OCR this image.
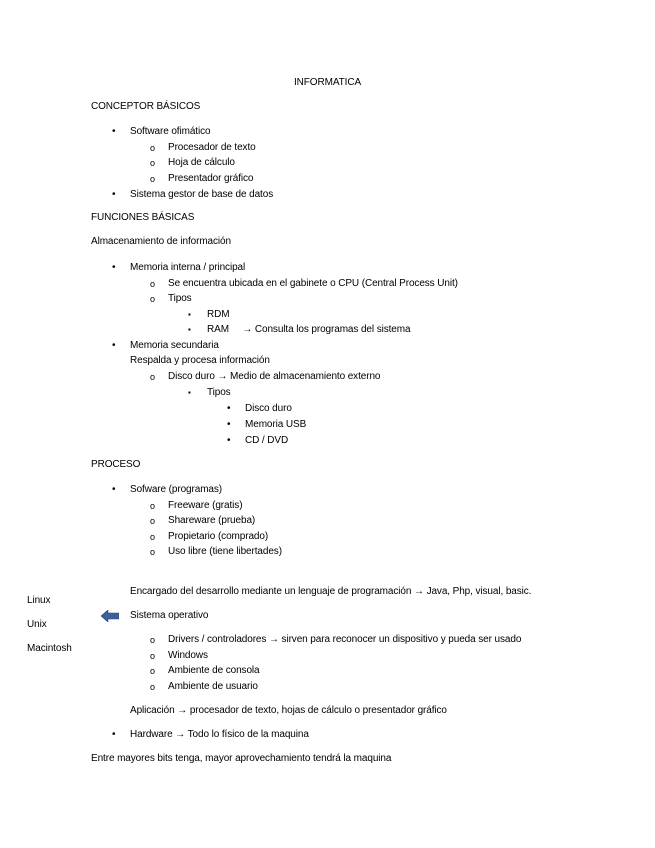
INFORMATICA
CONCEPTOR BÁSICOS
• Software ofimático
o Procesador de texto
o Hoja de cálculo
o Presentador gráfico
• Sistema gestor de base de datos
FUNCIONES BÁSICAS
Almacenamiento de información
• Memoria interna / principal
o Se encuentra ubicada en el gabinete o CPU (Central Process Unit)
o Tipos
▪ RDM
▪ RAM     → Consulta los programas del sistema
• Memoria secundaria
Respalda y procesa información
o Disco duro → Medio de almacenamiento externo
▪ Tipos
• Disco duro
• Memoria USB
• CD / DVD
PROCESO
• Sofware (programas)
o Freeware (gratis)
o Shareware (prueba)
o Propietario (comprado)
o Uso libre (tiene libertades)
Encargado del desarrollo mediante un lenguaje de programación → Java, Php, visual, basic.
Linux
Unix
Macintosh
Sistema operativo
o Drivers / controladores → sirven para reconocer un dispositivo y pueda ser usado
o Windows
o Ambiente de consola
o Ambiente de usuario
Aplicación → procesador de texto, hojas de cálculo o presentador gráfico
• Hardware → Todo lo físico de la maquina
Entre mayores bits tenga, mayor aprovechamiento tendrá la maquina
